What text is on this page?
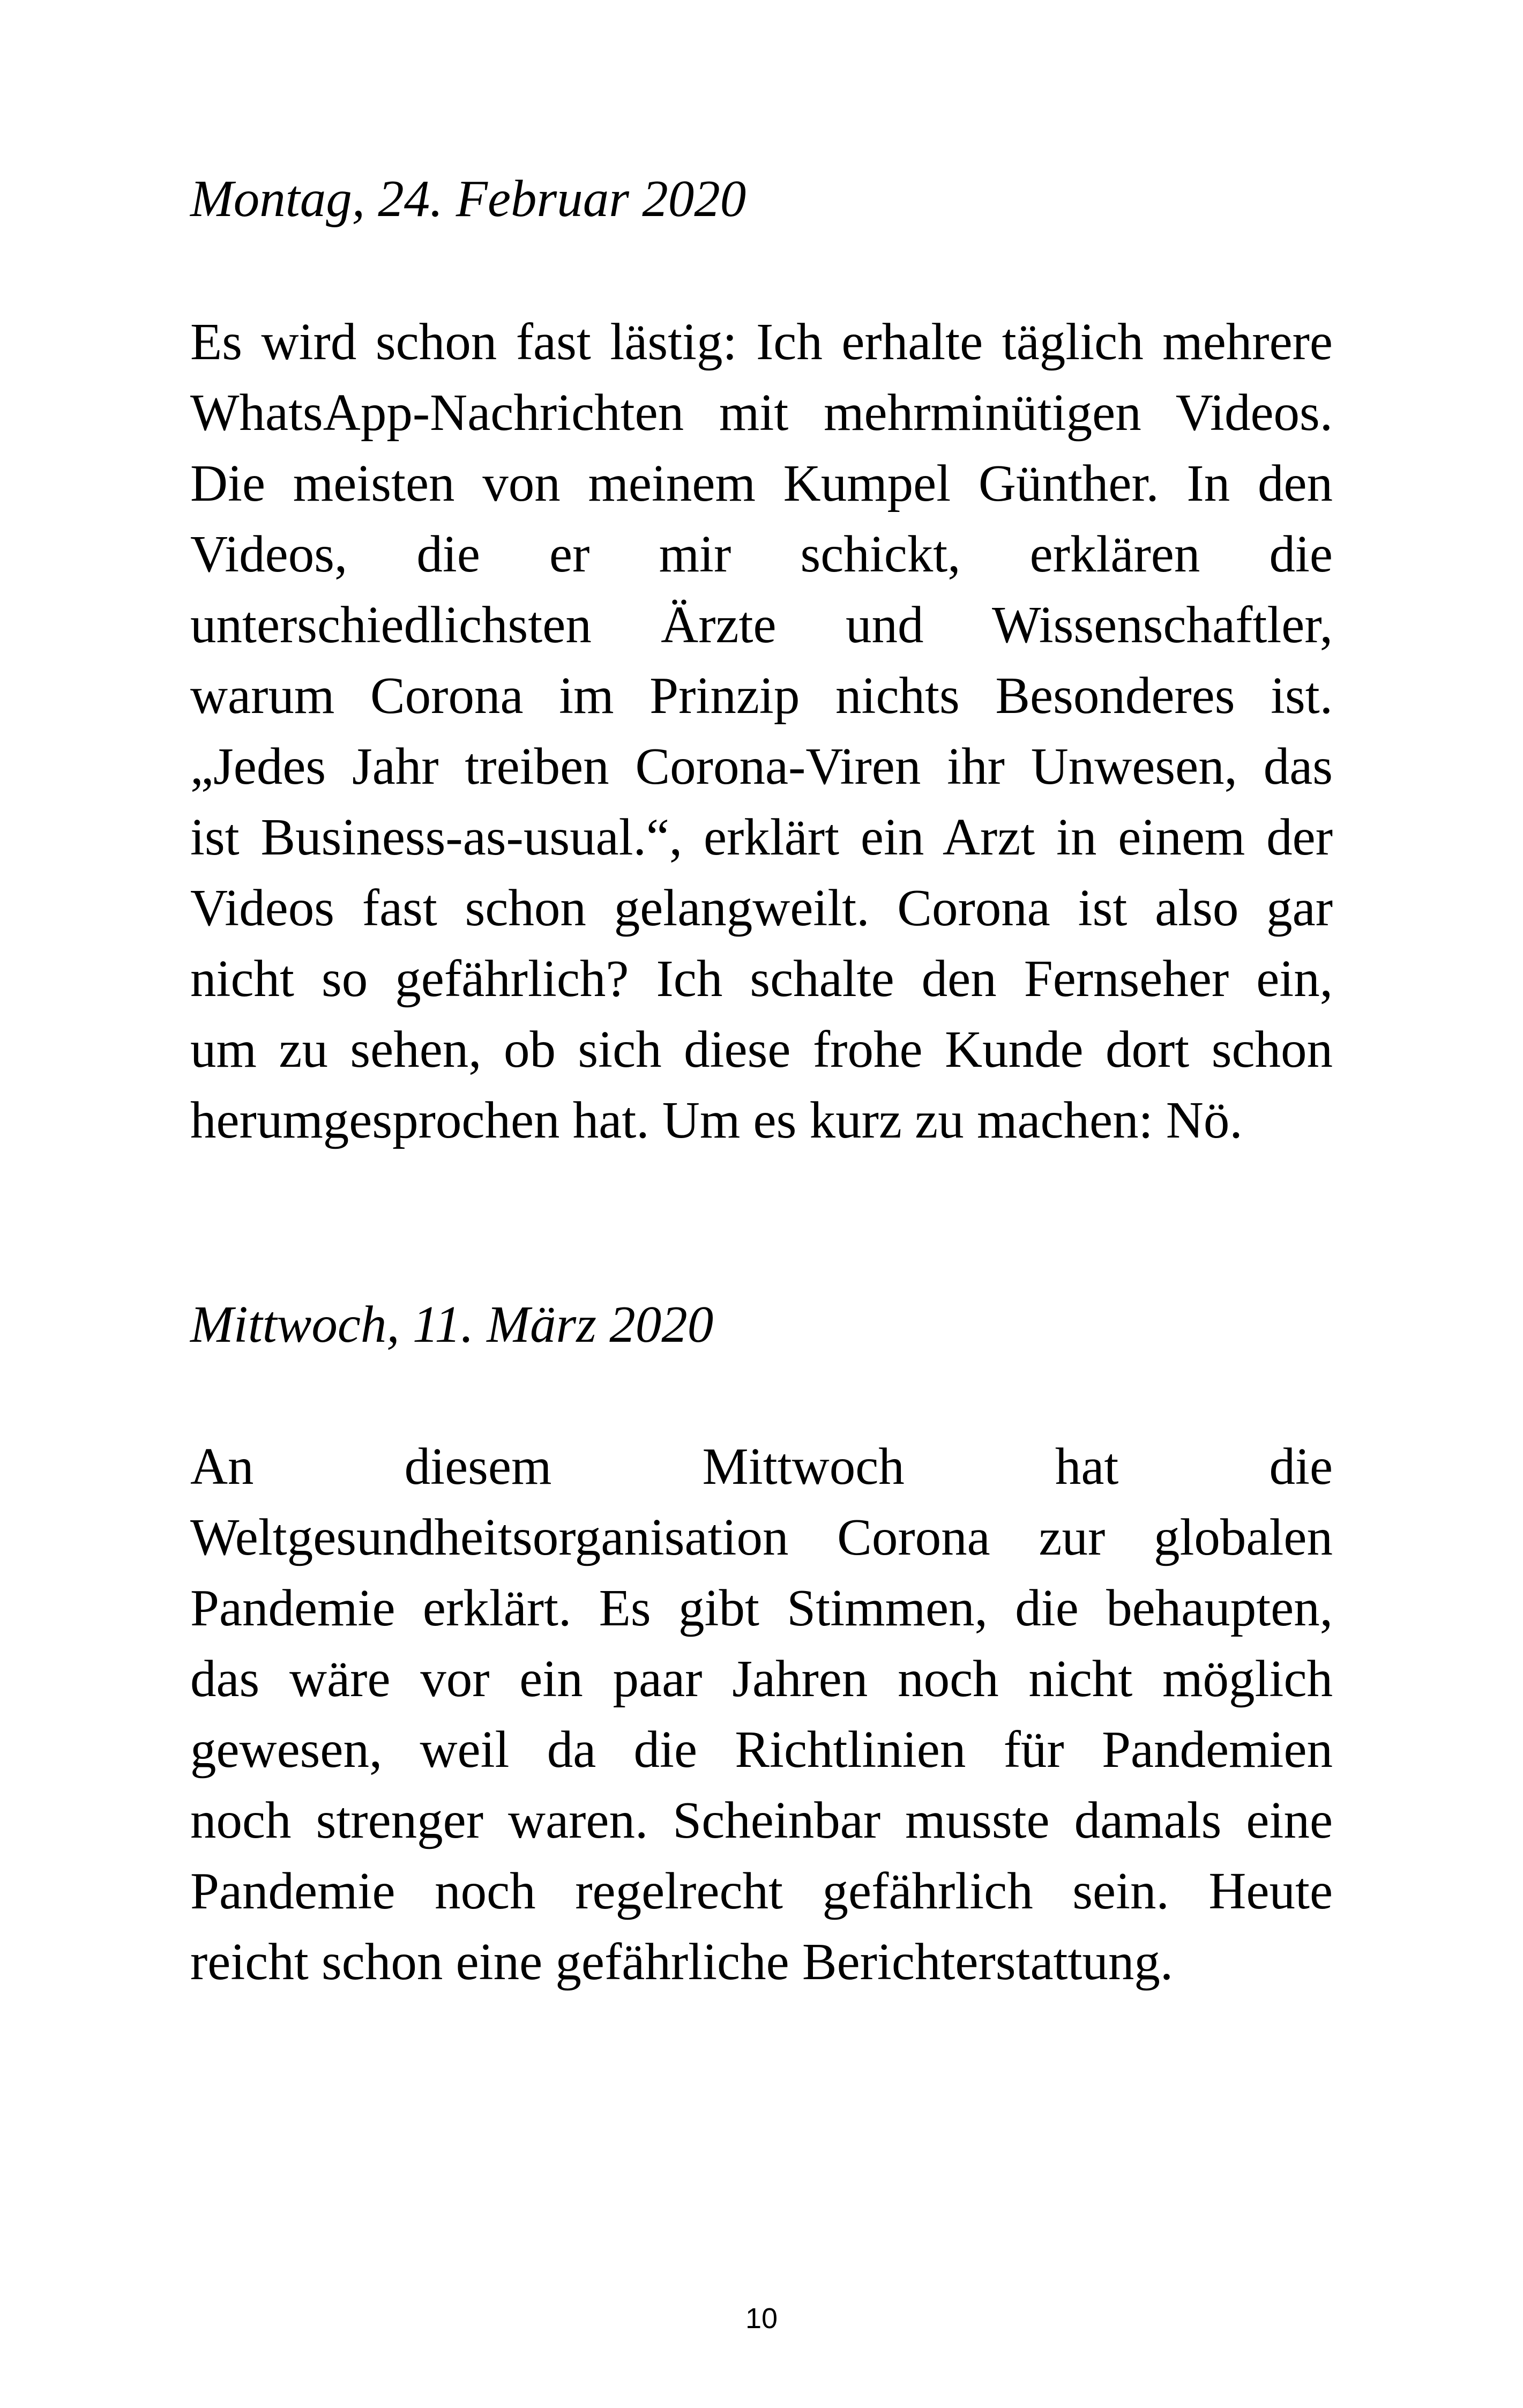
Montag, 24. Februar 2020

Es wird schon fast lästig: Ich erhalte täglich mehrere
WhatsApp-Nachrichten mit mehrminütigen Videos.
Die meisten von meinem Kumpel Günther. In den
Videos, die er mir schickt, erklären die
unterschiedlichsten Ärzte und Wissenschaftler,
warum Corona im Prinzip nichts Besonderes ist.
„Jedes Jahr treiben Corona-Viren ihr Unwesen, das
ist Business-as-usual.“, erklärt ein Arzt in einem der
Videos fast schon gelangweilt. Corona ist also gar
nicht so gefährlich? Ich schalte den Fernseher ein,
um zu sehen, ob sich diese frohe Kunde dort schon
herumgesprochen hat. Um es kurz zu machen: Nö.

Mittwoch, 11. März 2020

An diesem Mittwoch hat die
Weltgesundheitsorganisation Corona zur globalen
Pandemie erklärt. Es gibt Stimmen, die behaupten,
das wäre vor ein paar Jahren noch nicht möglich
gewesen, weil da die Richtlinien für Pandemien
noch strenger waren. Scheinbar musste damals eine
Pandemie noch regelrecht gefährlich sein. Heute
reicht schon eine gefährliche Berichterstattung.

10
